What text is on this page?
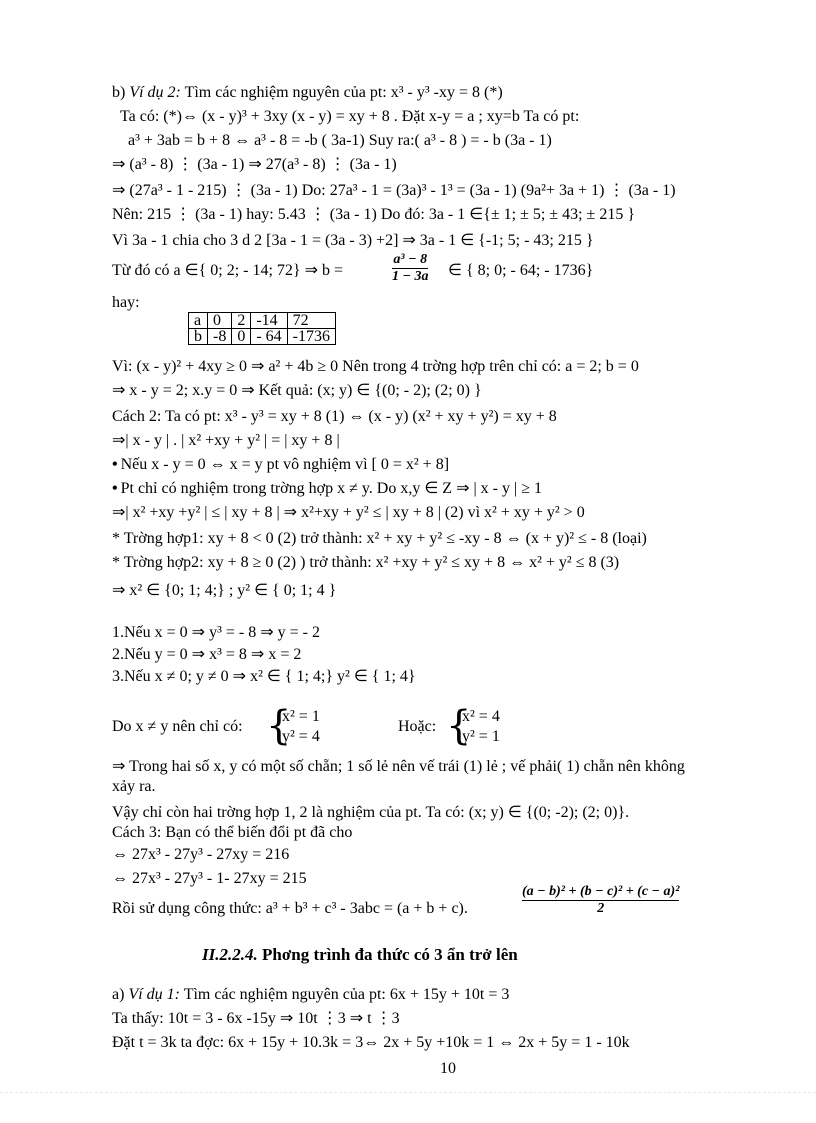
b) Ví dụ 2: Tìm các nghiệm nguyên của pt: x³ - y³ -xy = 8 (*)
Ta có: (*)⇔ (x - y)³ + 3xy (x - y) = xy + 8 . Đặt x-y = a ; xy=b Ta có pt:
a³ + 3ab = b + 8 ⇔ a³ - 8 = -b ( 3a-1) Suy ra:( a³ - 8 ) = - b (3a - 1)
⇒ (a³ - 8) ⋮ (3a - 1) ⇒ 27(a³ - 8) ⋮ (3a - 1)
⇒ (27a³ - 1 - 215) ⋮ (3a - 1) Do: 27a³ - 1 = (3a)³ - 1³ = (3a - 1) (9a²+ 3a + 1) ⋮ (3a - 1)
Nên: 215 ⋮ (3a - 1) hay: 5.43 ⋮ (3a - 1) Do đó: 3a - 1 ∈{± 1; ± 5; ± 43; ± 215 }
Vì 3a - 1 chia cho 3 d 2 [3a - 1 = (3a - 3) +2] ⇒ 3a - 1 ∈ {-1; 5; - 43; 215 }
Từ đó có a ∈{ 0; 2; - 14; 72} ⇒ b =
a³ − 8
1 − 3a ∈ { 8; 0; - 64; - 1736}
hay:
a	0	2	-14	72
b	-8	0	- 64	-1736
Vì: (x - y)² + 4xy ≥ 0 ⇒ a² + 4b ≥ 0 Nên trong 4 trờng hợp trên chỉ có: a = 2; b = 0
⇒ x - y = 2; x.y = 0 ⇒ Kết quả: (x; y) ∈ {(0; - 2); (2; 0) }
Cách 2: Ta có pt: x³ - y³ = xy + 8 (1) ⇔ (x - y) (x² + xy + y²) = xy + 8
⇒| x - y | . | x² +xy + y² | = | xy + 8 |
• Nếu x - y = 0 ⇔ x = y pt vô nghiệm vì [ 0 = x² + 8]
• Pt chỉ có nghiệm trong trờng hợp x ≠ y. Do x,y ∈ Z ⇒ | x - y | ≥ 1
⇒| x² +xy +y² | ≤ | xy + 8 | ⇒ x²+xy + y² ≤ | xy + 8 | (2) vì x² + xy + y² > 0
* Trờng hợp1: xy + 8 < 0 (2) trở thành: x² + xy + y² ≤ -xy - 8 ⇔ (x + y)² ≤ - 8 (loại)
* Trờng hợp2: xy + 8 ≥ 0 (2) ) trở thành: x² +xy + y² ≤ xy + 8 ⇔ x² + y² ≤ 8 (3)
⇒ x² ∈ {0; 1; 4;} ; y² ∈ { 0; 1; 4 }
1.Nếu x = 0 ⇒ y³ = - 8 ⇒ y = - 2
2.Nếu y = 0 ⇒ x³ = 8 ⇒ x = 2
3.Nếu x ≠ 0; y ≠ 0 ⇒ x² ∈ { 1; 4;} y² ∈ { 1; 4}
Do x ≠ y nên chỉ có: {
x² = 1
y² = 4
Hoặc: {
x² = 4
y² = 1
⇒ Trong hai số x, y có một số chẵn; 1 số lẻ nên vế trái (1) lẻ ; vế phải( 1) chẵn nên không
xảy ra.
Vậy chỉ còn hai trờng hợp 1, 2 là nghiệm của pt. Ta có: (x; y) ∈ {(0; -2); (2; 0)}.
Cách 3: Bạn có thể biến đổi pt đã cho
⇔ 27x³ - 27y³ - 27xy = 216
⇔ 27x³ - 27y³ - 1- 27xy = 215
Rồi sử dụng công thức: a³ + b³ + c³ - 3abc = (a + b + c).
(a − b)² + (b − c)² + (c − a)²
2
II.2.2.4. Phơng trình đa thức có 3 ẩn trở lên
a) Ví dụ 1: Tìm các nghiệm nguyên của pt: 6x + 15y + 10t = 3
Ta thấy: 10t = 3 - 6x -15y ⇒ 10t ⋮3 ⇒ t ⋮3
Đặt t = 3k ta đợc: 6x + 15y + 10.3k = 3⇔ 2x + 5y +10k = 1 ⇔ 2x + 5y = 1 - 10k
10
